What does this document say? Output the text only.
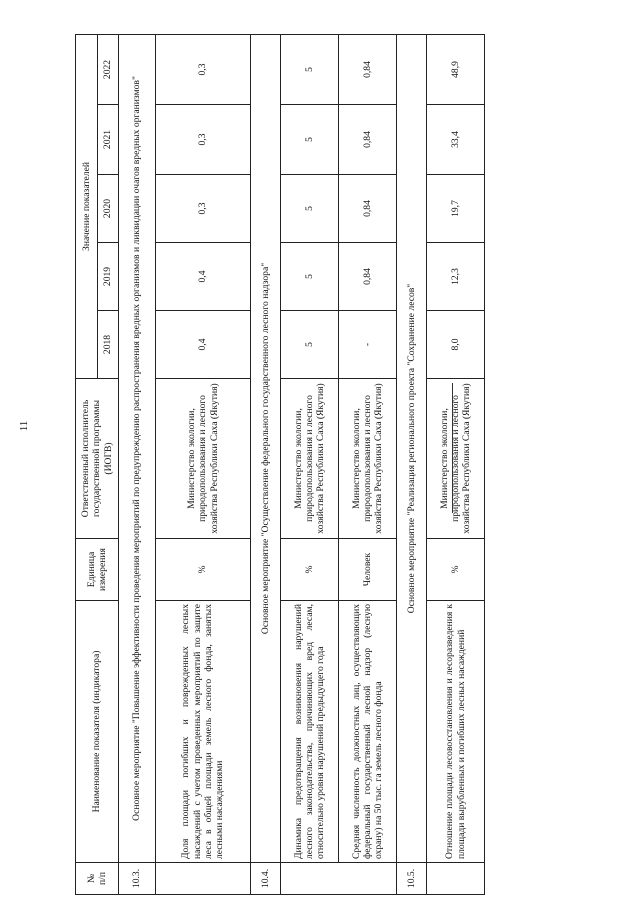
11
№
п/п	Наименование показателя (индикатора)	Единица
измерения	Ответственный исполнитель
государственной программы
(ИОГВ)	Значение показателей				
				2018	2019	2020	2021	2022
10.3.	Основное мероприятие "Повышение эффективности проведения мероприятий по предупреждению распространения вредных организмов и ликвидации очагов вредных организмов"							
	Доля площади погибших и поврежденных лесных насаждений с учетом проведенных мероприятий по защите леса в общей площади земель лесного фонда, занятых лесными насаждениями	%	Министерство экологии, природопользования и лесного хозяйства Республики Саха (Якутия)	0,4	0,4	0,3	0,3	0,3
10.4.	Основное мероприятие "Осуществление федерального государственного лесного надзора"							
	Динамика предотвращения возникновения нарушений лесного законодательства, причиняющих вред лесам, относительно уровня нарушений предыдущего года	%	Министерство экологии, природопользования и лесного хозяйства Республики Саха (Якутия)	5	5	5	5	5
	Средняя численность должностных лиц, осуществляющих федеральный государственный лесной надзор (лесную охрану) на 50 тыс. га земель лесного фонда	Человек	Министерство экологии, природопользования и лесного хозяйства Республики Саха (Якутия)	-	0,84	0,84	0,84	0,84
10.5.	Основное мероприятие "Реализация регионального проекта "Сохранение лесов"							
	Отношение площади лесовосстановления и лесоразведения к площади вырубленных и погибших лесных насаждений	%	Министерство экологии, природопользования и лесного хозяйства Республики Саха (Якутия)	8,0	12,3	19,7	33,4	48,9
